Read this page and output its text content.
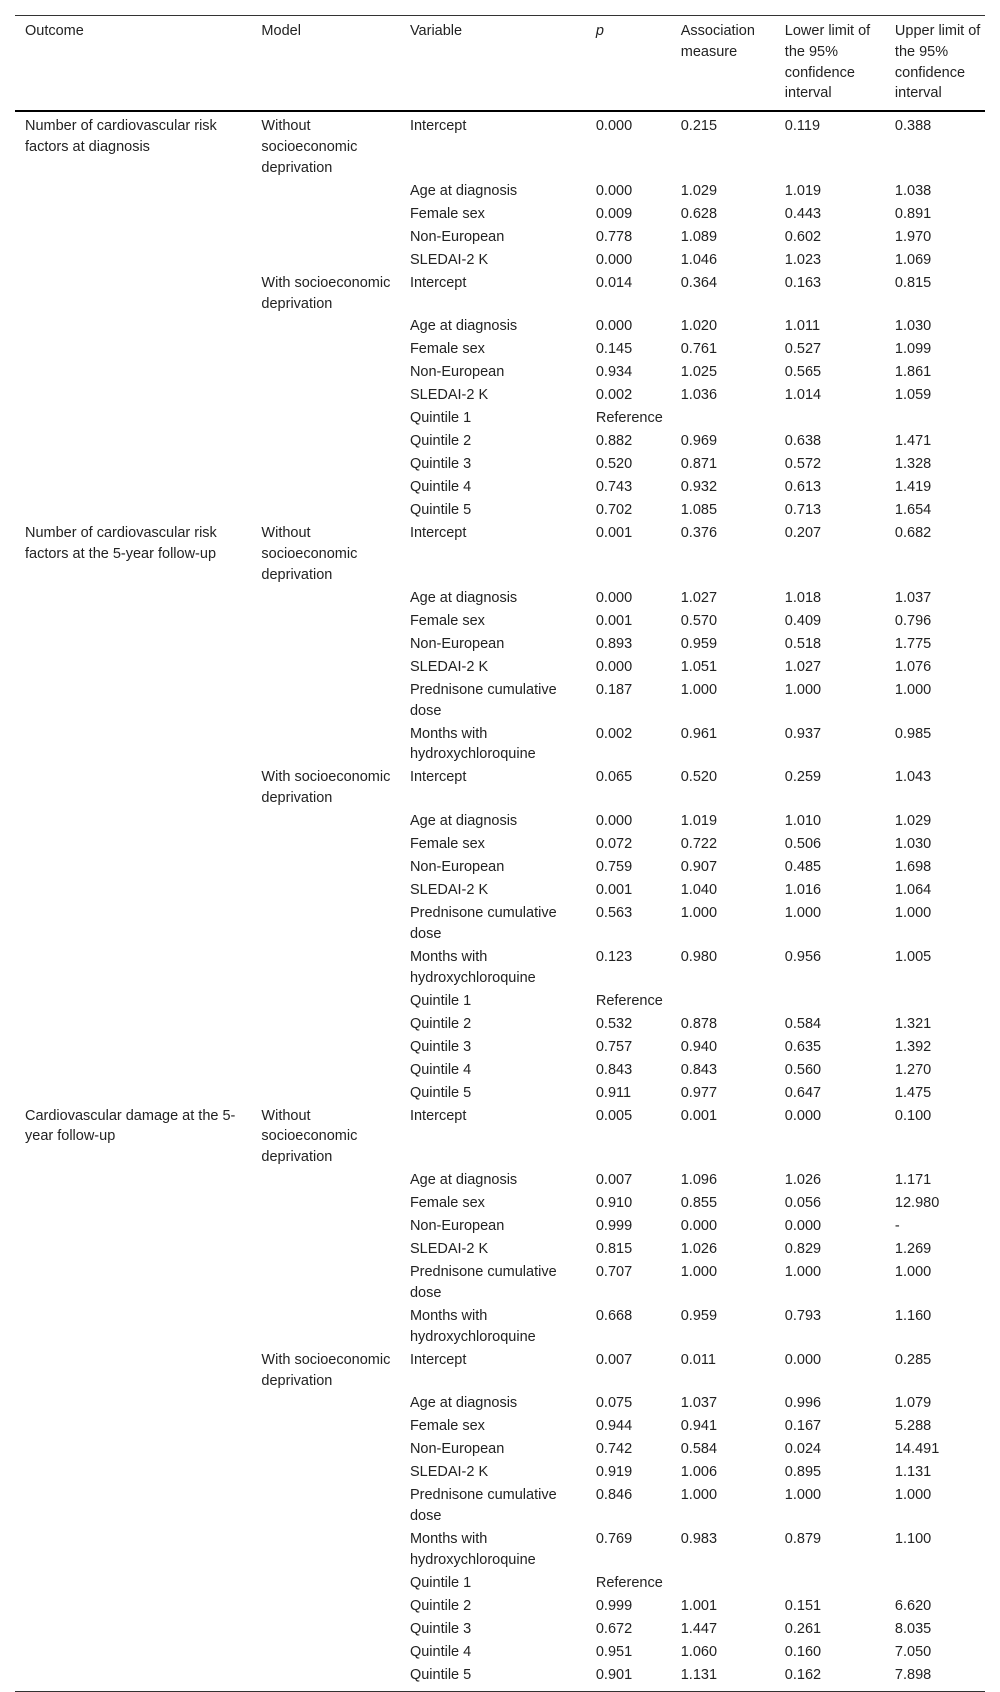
Outcome	Model	Variable	p	Association measure	Lower limit of the 95% confidence interval	Upper limit of the 95% confidence interval
Number of cardiovascular risk factors at diagnosis	Without socioeconomic deprivation	Intercept	0.000	0.215	0.119	0.388
		Age at diagnosis	0.000	1.029	1.019	1.038
		Female sex	0.009	0.628	0.443	0.891
		Non-European	0.778	1.089	0.602	1.970
		SLEDAI-2 K	0.000	1.046	1.023	1.069
	With socioeconomic deprivation	Intercept	0.014	0.364	0.163	0.815
		Age at diagnosis	0.000	1.020	1.011	1.030
		Female sex	0.145	0.761	0.527	1.099
		Non-European	0.934	1.025	0.565	1.861
		SLEDAI-2 K	0.002	1.036	1.014	1.059
		Quintile 1	Reference			
		Quintile 2	0.882	0.969	0.638	1.471
		Quintile 3	0.520	0.871	0.572	1.328
		Quintile 4	0.743	0.932	0.613	1.419
		Quintile 5	0.702	1.085	0.713	1.654
Number of cardiovascular risk factors at the 5-year follow-up	Without socioeconomic deprivation	Intercept	0.001	0.376	0.207	0.682
		Age at diagnosis	0.000	1.027	1.018	1.037
		Female sex	0.001	0.570	0.409	0.796
		Non-European	0.893	0.959	0.518	1.775
		SLEDAI-2 K	0.000	1.051	1.027	1.076
		Prednisone cumulative dose	0.187	1.000	1.000	1.000
		Months with hydroxychloroquine	0.002	0.961	0.937	0.985
	With socioeconomic deprivation	Intercept	0.065	0.520	0.259	1.043
		Age at diagnosis	0.000	1.019	1.010	1.029
		Female sex	0.072	0.722	0.506	1.030
		Non-European	0.759	0.907	0.485	1.698
		SLEDAI-2 K	0.001	1.040	1.016	1.064
		Prednisone cumulative dose	0.563	1.000	1.000	1.000
		Months with hydroxychloroquine	0.123	0.980	0.956	1.005
		Quintile 1	Reference			
		Quintile 2	0.532	0.878	0.584	1.321
		Quintile 3	0.757	0.940	0.635	1.392
		Quintile 4	0.843	0.843	0.560	1.270
		Quintile 5	0.911	0.977	0.647	1.475
Cardiovascular damage at the 5-year follow-up	Without socioeconomic deprivation	Intercept	0.005	0.001	0.000	0.100
		Age at diagnosis	0.007	1.096	1.026	1.171
		Female sex	0.910	0.855	0.056	12.980
		Non-European	0.999	0.000	0.000	-
		SLEDAI-2 K	0.815	1.026	0.829	1.269
		Prednisone cumulative dose	0.707	1.000	1.000	1.000
		Months with hydroxychloroquine	0.668	0.959	0.793	1.160
	With socioeconomic deprivation	Intercept	0.007	0.011	0.000	0.285
		Age at diagnosis	0.075	1.037	0.996	1.079
		Female sex	0.944	0.941	0.167	5.288
		Non-European	0.742	0.584	0.024	14.491
		SLEDAI-2 K	0.919	1.006	0.895	1.131
		Prednisone cumulative dose	0.846	1.000	1.000	1.000
		Months with hydroxychloroquine	0.769	0.983	0.879	1.100
		Quintile 1	Reference			
		Quintile 2	0.999	1.001	0.151	6.620
		Quintile 3	0.672	1.447	0.261	8.035
		Quintile 4	0.951	1.060	0.160	7.050
		Quintile 5	0.901	1.131	0.162	7.898
